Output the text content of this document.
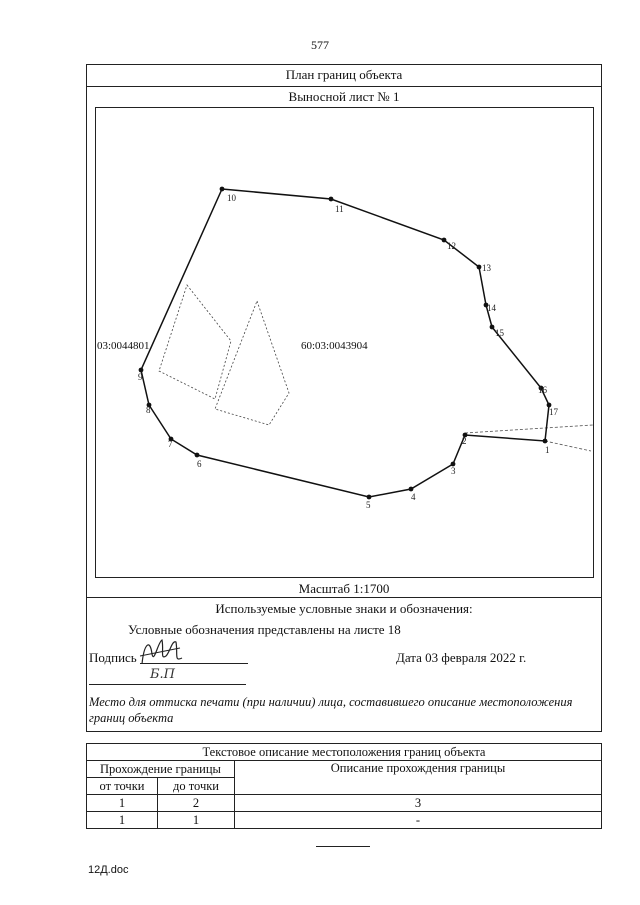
577
План границ объекта
Выносной лист № 1
1
2
3
4
5
6
7
8
9
10
11
12
13
14
15
16
17
03:0044801	60:03:0043904
Масштаб 1:1700
Используемые условные знаки и обозначения:
Условные обозначения представлены на листе 18
Подпись
Б.П
Дата 03 февраля 2022 г.
Место для оттиска печати (при наличии) лица, составившего описание местоположения границ объекта
Текстовое описание местоположения границ объекта		
Прохождение границы		Описание прохождения границы
от точки	до точки	
1	2	3
1	1	-
12Д.doc
